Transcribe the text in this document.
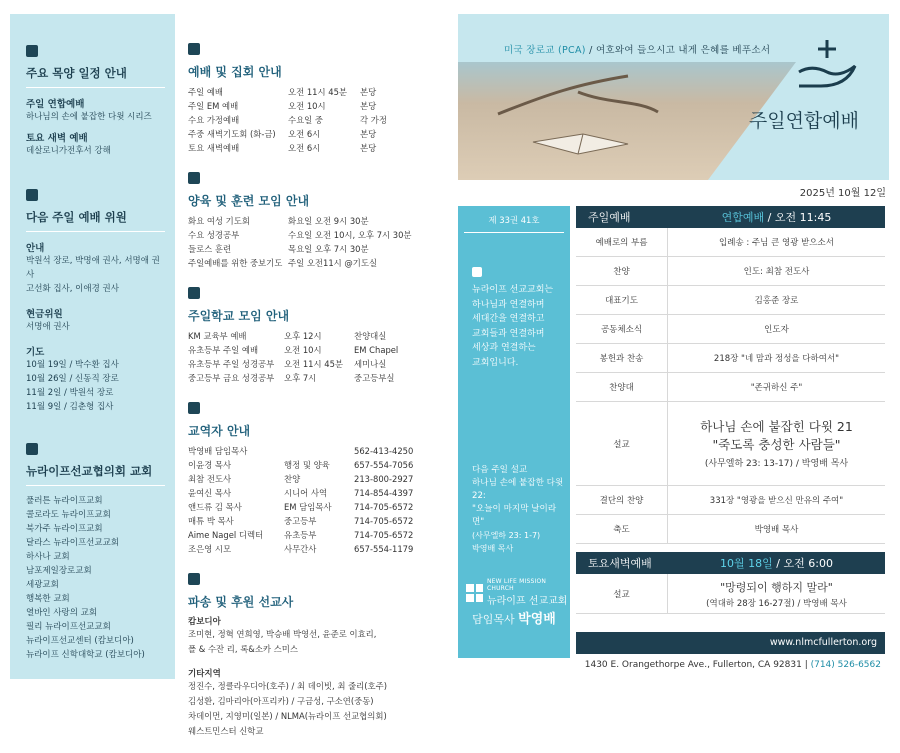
주요 목양 일정 안내
주일 연합예배
하나님의 손에 붙잡한 다윗 시리즈
토요 새벽 예배
데살로니가전후서 강해
다음 주일 예배 위원
안내
박원석 장로, 박명애 권사, 서명애 권사
고선화 집사, 이애경 권사
현금위원
서명애 권사
기도
10월 19일 / 박수환 집사
10월 26일 / 신동직 장로
11월 2일 / 박원석 장로
11월 9일 / 김춘형 집사
뉴라이프선교협의회 교회
풀러튼 뉴라이프교회
콜로라도 뉴라이프교회
북가주 뉴라이프교회
달라스 뉴라이프선교교회
하사나 교회
남포제일장로교회
세광교회
행복한 교회
열바인 사랑의 교회
필리 뉴라이프선교교회
뉴라이프선교센터 (캄보디아)
뉴라이프 신학대학교 (캄보디아)
예배 및 집회 안내
주일 예배	오전 11시 45분	본당
주일 EM 예배	오전 10시	본당
수요 가정예배	수요일 중	각 가정
주중 새벽기도회 (화-금)	오전 6시	본당
토요 새벽예배	오전 6시	본당
양육 및 훈련 모임 안내
화요 여성 기도회	화요일 오전 9시 30분
수요 성경공부	수요일 오전 10시, 오후 7시 30분
들로스 훈련	목요일 오후 7시 30분
주일예배를 위한 중보기도 주일 오전11시 @기도실
주일학교 모임 안내
KM 교육부 예배	오후 12시	찬양대실
유초등부 주일 예배	오전 10시	EM Chapel
유초등부 주일 성경공부	오전 11시 45분	세미나실
중고등부 금요 성경공부	오후 7시	중고등부실
교역자 안내
박영배 담임목사	562-413-4250
이윤경 목사	행정 및 양육	657-554-7056
최참 전도사	찬양	213-800-2927
윤여신 목사	시니어 사역	714-854-4397
앤드류 김 목사	EM 담임목사	714-705-6572
매튜 박 목사	중고등부	714-705-6572
Aime Nagel 디렉터	유초등부	714-705-6572
조은영 시모	사무간사	657-554-1179
파송 및 후원 선교사
캄보디아
조미현, 정혁 연희영, 박승배 박영선, 윤준로 이효리,
폴 & 수잔 리, 록&소카 스미스
기타지역
정진수, 정클라우디아(호주) / 최 데이빗, 최 줄리(호주)
김성환, 김마리아(아프리카) / 구금성, 구소연(중동)
차데이먼, 지영미(일본) / NLMA(뉴라이프 선교협의회)
웨스트민스터 신학교
미국 장로교 (PCA) / 여호와여 들으시고 내게 은혜를 베푸소서
주일연합예배
2025년 10월 12일
제 33권 41호
뉴라이프 선교교회는
하나님과 연결하며
세대간을 연결하고
교회들과 연결하며
세상과 연결하는
교회입니다.
다음 주일 설교
하나님 손에 붙잡한 다윗 22:
"오늘이 마지막 날이라면"
(사무엘하 23: 1-7)
박영배 목사
NEW LIFE MISSION CHURCH
뉴라이프 선교교회
담임목사 박영배
주일예배	연합예배 / 오전 11:45
예배로의 부름	입례송 : 주님 큰 영광 받으소서
찬양	인도: 최참 전도사
대표기도	김홍준 장로
공동체소식	인도자
봉헌과 찬송	218장 "네 맘과 정성을 다하여서"
찬양대	"존귀하신 주"
설교
하나님 손에 붙잡힌 다윗 21
"죽도록 충성한 사람들"
(사무엘하 23: 13-17) / 박영배 목사
결단의 찬양	331장 "영광을 받으신 만유의 주여"
축도	박영배 목사
토요새벽예배	10월 18일 / 오전 6:00
설교
"망령되이 행하지 말라"
(역대하 28장 16-27절) / 박영배 목사
www.nlmcfullerton.org
1430 E. Orangethorpe Ave., Fullerton, CA 92831 | (714) 526-6562
